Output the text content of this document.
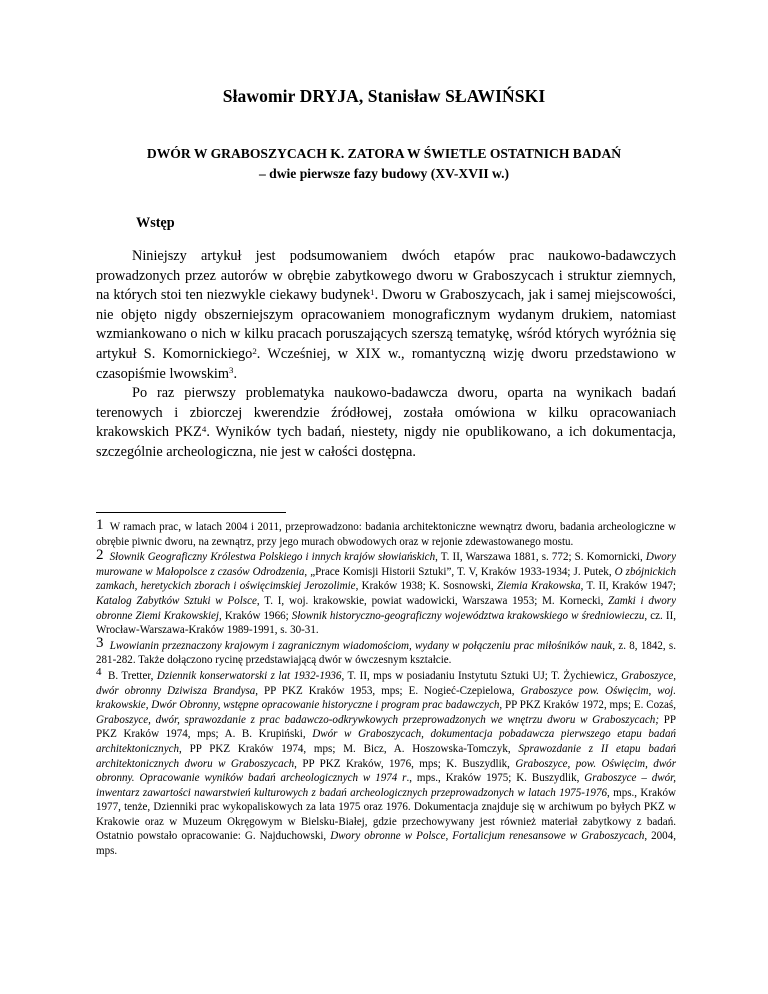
Sławomir DRYJA, Stanisław SŁAWIŃSKI
DWÓR W GRABOSZYCACH K. ZATORA W ŚWIETLE OSTATNICH BADAŃ
– dwie pierwsze fazy budowy (XV-XVII w.)
Wstęp

Niniejszy artykuł jest podsumowaniem dwóch etapów prac naukowo-badawczych prowadzonych przez autorów w obrębie zabytkowego dworu w Graboszycach i struktur ziemnych, na których stoi ten niezwykle ciekawy budynek$^1$. Dworu w Graboszycach, jak i samej miejscowości, nie objęto nigdy obszerniejszym opracowaniem monograficznym wydanym drukiem, natomiast wzmiankowano o nich w kilku pracach poruszających szerszą tematykę, wśród których wyróżnia się artykuł S. Komornickiego$^2$. Wcześniej, w XIX w., romantyczną wizję dworu przedstawiono w czasopiśmie lwowskim$^3$.

Po raz pierwszy problematyka naukowo-badawcza dworu, oparta na wynikach badań terenowych i zbiorczej kwerendzie źródłowej, została omówiona w kilku opracowaniach krakowskich PKZ$^4$. Wyników tych badań, niestety, nigdy nie opublikowano, a ich dokumentacja, szczególnie archeologiczna, nie jest w całości dostępna.

1 W ramach prac, w latach 2004 i 2011, przeprowadzono: badania architektoniczne wewnątrz dworu, badania archeologiczne w obrębie piwnic dworu, na zewnątrz, przy jego murach obwodowych oraz w rejonie zdewastowanego mostu.

2 Słownik Geograficzny Królestwa Polskiego i innych krajów słowiańskich, T. II, Warszawa 1881, s. 772; S. Komornicki, Dwory murowane w Małopolsce z czasów Odrodzenia, „Prace Komisji Historii Sztuki”, T. V, Kraków 1933-1934; J. Putek, O zbójnickich zamkach, heretyckich zborach i oświęcimskiej Jerozolimie, Kraków 1938; K. Sosnowski, Ziemia Krakowska, T. II, Kraków 1947; Katalog Zabytków Sztuki w Polsce, T. I, woj. krakowskie, powiat wadowicki, Warszawa 1953; M. Kornecki, Zamki i dwory obronne Ziemi Krakowskiej, Kraków 1966; Słownik historyczno-geograficzny województwa krakowskiego w średniowieczu, cz. II, Wrocław-Warszawa-Kraków 1989-1991, s. 30-31.

3 Lwowianin przeznaczony krajowym i zagranicznym wiadomościom, wydany w połączeniu prac miłośników nauk, z. 8, 1842, s. 281-282. Także dołączono rycinę przedstawiającą dwór w ówczesnym kształcie.

4 B. Tretter, Dziennik konserwatorski z lat 1932-1936, T. II, mps w posiadaniu Instytutu Sztuki UJ; T. Żychiewicz, Graboszyce, dwór obronny Dziwisza Brandysa, PP PKZ Kraków 1953, mps; E. Nogieć-Czepielowa, Graboszyce pow. Oświęcim, woj. krakowskie, Dwór Obronny, wstępne opracowanie historyczne i program prac badawczych, PP PKZ Kraków 1972, mps; E. Cozaś, Graboszyce, dwór, sprawozdanie z prac badawczo-odkrywkowych przeprowadzonych we wnętrzu dworu w Graboszycach; PP PKZ Kraków 1974, mps; A. B. Krupiński, Dwór w Graboszycach, dokumentacja pobadawcza pierwszego etapu badań architektonicznych, PP PKZ Kraków 1974, mps; M. Bicz, A. Hoszowska-Tomczyk, Sprawozdanie z II etapu badań architektonicznych dworu w Graboszycach, PP PKZ Kraków, 1976, mps; K. Buszydlik, Graboszyce, pow. Oświęcim, dwór obronny. Opracowanie wyników badań archeologicznych w 1974 r., mps., Kraków 1975; K. Buszydlik, Graboszyce – dwór, inwentarz zawartości nawarstwień kulturowych z badań archeologicznych przeprowadzonych w latach 1975-1976, mps., Kraków 1977, tenże, Dzienniki prac wykopaliskowych za lata 1975 oraz 1976. Dokumentacja znajduje się w archiwum po byłych PKZ w Krakowie oraz w Muzeum Okręgowym w Bielsku-Białej, gdzie przechowywany jest również materiał zabytkowy z badań. Ostatnio powstało opracowanie: G. Najduchowski, Dwory obronne w Polsce, Fortalicjum renesansowe w Graboszycach, 2004, mps.
